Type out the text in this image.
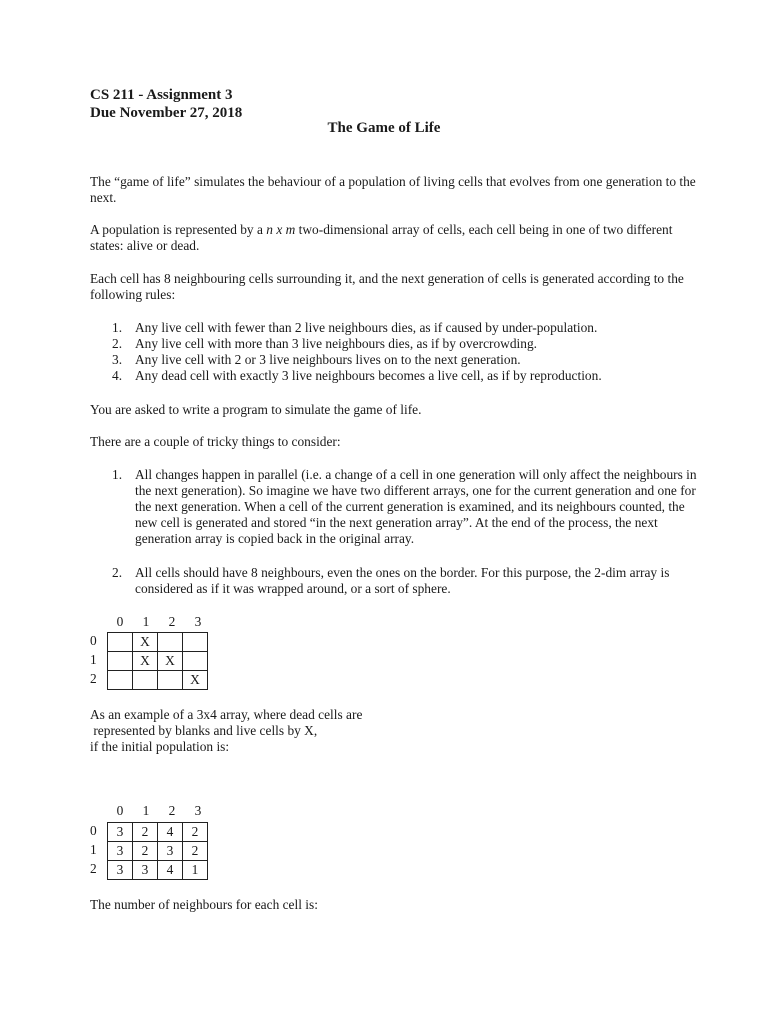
CS 211 - Assignment 3
Due November 27, 2018
The Game of Life
The “game of life” simulates the behaviour of a population of living cells that evolves from one generation to the next.
A population is represented by a n x m two-dimensional array of cells, each cell being in one of two different states: alive or dead.
Each cell has 8 neighbouring cells surrounding it, and the next generation of cells is generated according to the following rules:
1. Any live cell with fewer than 2 live neighbours dies, as if caused by under-population.
2. Any live cell with more than 3 live neighbours dies, as if by overcrowding.
3. Any live cell with 2 or 3 live neighbours lives on to the next generation.
4. Any dead cell with exactly 3 live neighbours becomes a live cell, as if by reproduction.
You are asked to write a program to simulate the game of life.
There are a couple of tricky things to consider:
1. All changes happen in parallel (i.e. a change of a cell in one generation will only affect the neighbours in the next generation). So imagine we have two different arrays, one for the current generation and one for the next generation. When a cell of the current generation is examined, and its neighbours counted, the new cell is generated and stored “in the next generation array”. At the end of the process, the next generation array is copied back in the original array.
2. All cells should have 8 neighbours, even the ones on the border. For this purpose, the 2-dim array is considered as if it was wrapped around, or a sort of sphere.
0	1	2	3
0
1
2
	X		
	X	X	
			X
As an example of a 3x4 array, where dead cells are
represented by blanks and live cells by X,
if the initial population is:
0	1	2	3
0
1
2
3	2	4	2
3	2	3	2
3	3	4	1
The number of neighbours for each cell is:
